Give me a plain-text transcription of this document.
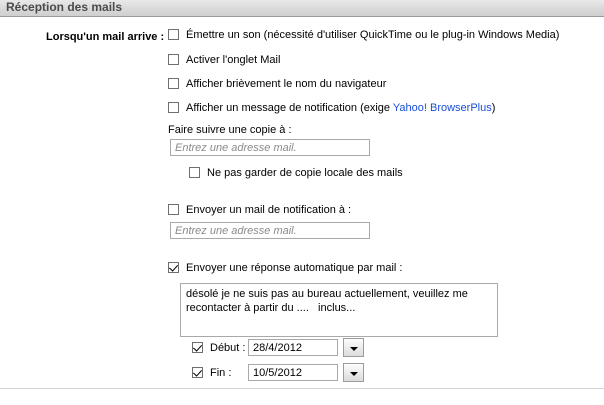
Réception des mails
Lorsqu'un mail arrive :	Émettre un son (nécessité d'utiliser QuickTime ou le plug-in Windows Media)
Activer l'onglet Mail
Afficher brièvement le nom du navigateur
Afficher un message de notification (exige Yahoo! BrowserPlus)
Faire suivre une copie à :
Entrez une adresse mail.
Ne pas garder de copie locale des mails
Envoyer un mail de notification à :
Entrez une adresse mail.
Envoyer une réponse automatique par mail :
désolé je ne suis pas au bureau actuellement, veuillez me recontacter à partir du .... inclus...
Début :
28/4/2012
Fin :
10/5/2012
